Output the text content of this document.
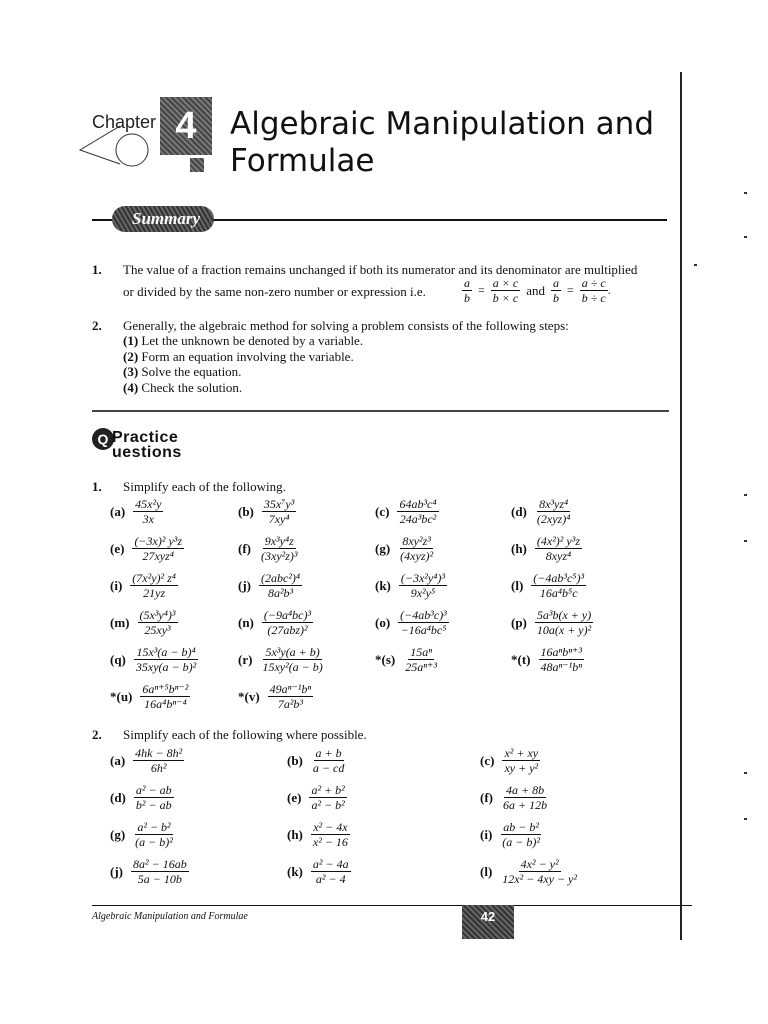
Chapter 4	Algebraic Manipulation and
Formulae
Summary
1. The value of a fraction remains unchanged if both its numerator and its denominator are multiplied
or divided by the same non-zero number or expression i.e.	$\frac{a}{b} = \frac{a \times c}{b \times c}$ and $\frac{a}{b} = \frac{a \div c}{b \div c}$ .
2. Generally, the algebraic method for solving a problem consists of the following steps:
(1) Let the unknown be denoted by a variable.
(2) Form an equation involving the variable.
(3) Solve the equation.
(4) Check the solution.
Q Practice
uestions
1. Simplify each of the following.
$(a) \frac{\text{45x²y}}{3x}$	$(b) \frac{\text{35x⁷y³}}{\text{7xy⁴}}$	$(c) \frac{\text{64ab³c⁴}}{\text{24a³bc²}}$	$(d) \frac{\text{8x³yz⁴}}{\text{(2xyz)⁴}}$
$(e) \frac{\text{(−3x)² y³z}}{\text{27xyz⁴}}$	$(f) \frac{\text{9x³y⁴z}}{\text{(3xy²z)³}}$	$(g) \frac{\text{8xy²z³}}{\text{(4xyz)²}}$	$(h) \frac{\text{(4x²)² y³z}}{\text{8xyz⁴}}$
$(i) \frac{\text{(7x²y)² z⁴}}{21yz}$	$(j) \frac{\text{(2abc²)⁴}}{\text{8a²b³}}$	$(k) \frac{\text{(−3x²y⁴)³}}{\text{9x²y⁵}}$	$(l) \frac{\text{(−4ab³c⁵)³}}{\text{16a⁴b⁵c}}$
$(m) \frac{\text{(5x³y⁴)³}}{\text{25xy³}}$	$(n) \frac{\text{(−9a⁴bc)³}}{\text{(27abz)²}}$	$(o) \frac{\text{(−4ab³c)³}}{\text{−16a⁴bc⁵}}$	$(p) \frac{\text{5a³b(x + y)}}{\text{10a(x + y)²}}$
$(q) \frac{\text{15x³(a − b)⁴}}{\text{35xy(a − b)²}}$	$(r) \frac{\text{5x³y(a + b)}}{\text{15xy²(a − b)}}$	$*(s) \frac{\text{15aⁿ}}{\text{25aⁿ⁺³}}$	$*(t) \frac{\text{16aⁿbⁿ⁺³}}{\text{48aⁿ⁻¹bⁿ}}$
$*(u) \frac{\text{6aⁿ⁺⁵bⁿ⁻²}}{\text{16a⁴bⁿ⁻⁴}}$	$*(v) \frac{\text{49aⁿ⁻¹bⁿ}}{\text{7a²b³}}$
2. Simplify each of the following where possible.
$(a) \frac{\text{4hk − 8h²}}{\text{6h²}}$	$(b) \frac{a + b}{a - cd}$	$(c) \frac{\text{x² + xy}}{\text{xy + y²}}$
$(d) \frac{\text{a² − ab}}{\text{b² − ab}}$	$(e) \frac{\text{a² + b²}}{\text{a² − b²}}$	$(f) \frac{4a + 8b}{6a + 12b}$
$(g) \frac{\text{a² − b²}}{\text{(a − b)²}}$	$(h) \frac{\text{x² − 4x}}{\text{x² − 16}}$	$(i) \frac{\text{ab − b²}}{\text{(a − b)²}}$
$(j) \frac{\text{8a² − 16ab}}{5a - 10b}$	$(k) \frac{\text{a² − 4a}}{\text{a² − 4}}$	$(l) \frac{\text{4x² − y²}}{\text{12x² − 4xy − y²}}$
Algebraic Manipulation and Formulae	42
